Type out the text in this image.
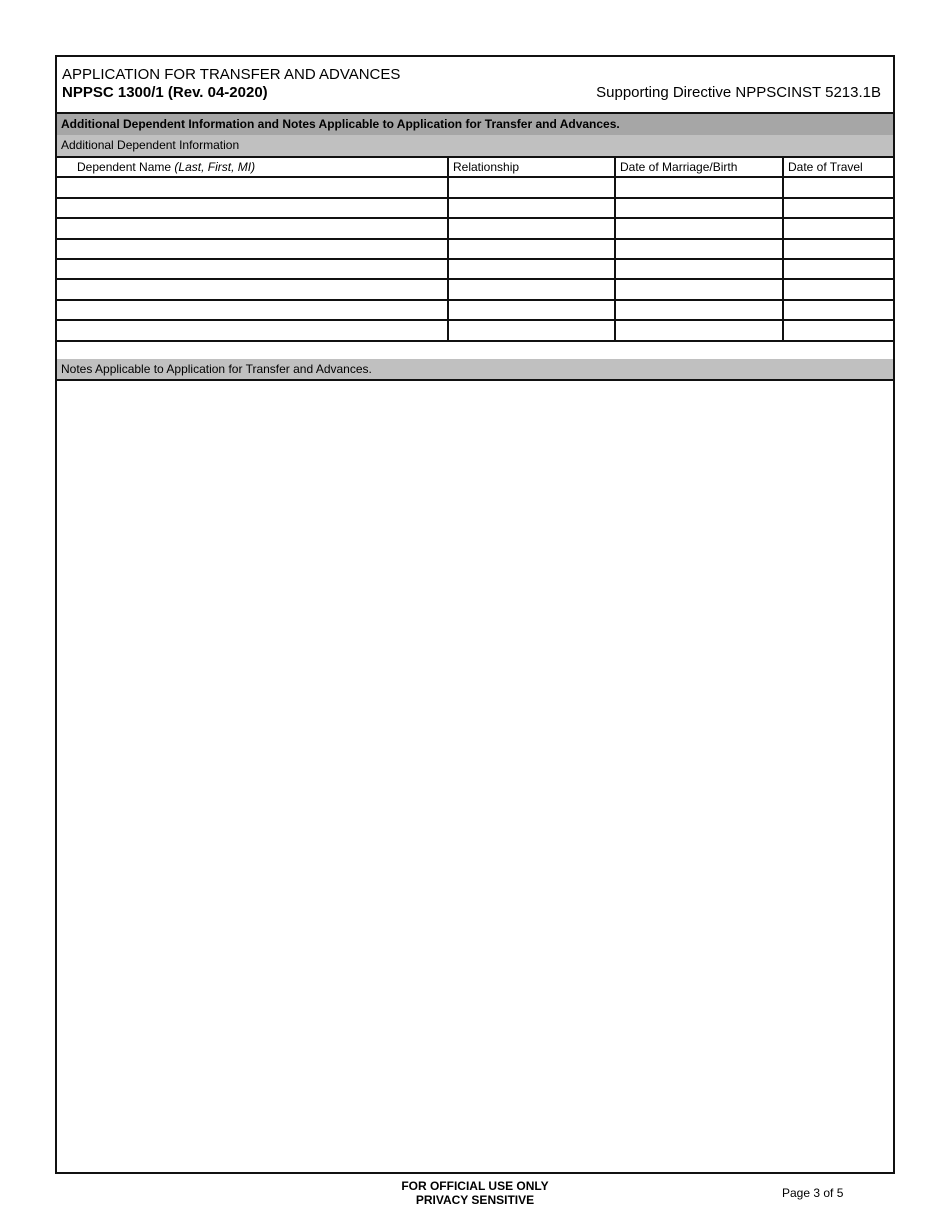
APPLICATION FOR TRANSFER AND ADVANCES
NPPSC 1300/1 (Rev. 04-2020)	Supporting Directive NPPSCINST 5213.1B
Additional Dependent Information and Notes Applicable to Application for Transfer and Advances.
Additional Dependent Information
Dependent Name (Last, First, MI)	Relationship	Date of Marriage/Birth	Date of Travel

Notes Applicable to Application for Transfer and Advances.
FOR OFFICIAL USE ONLY
PRIVACY SENSITIVE	Page 3 of 5
